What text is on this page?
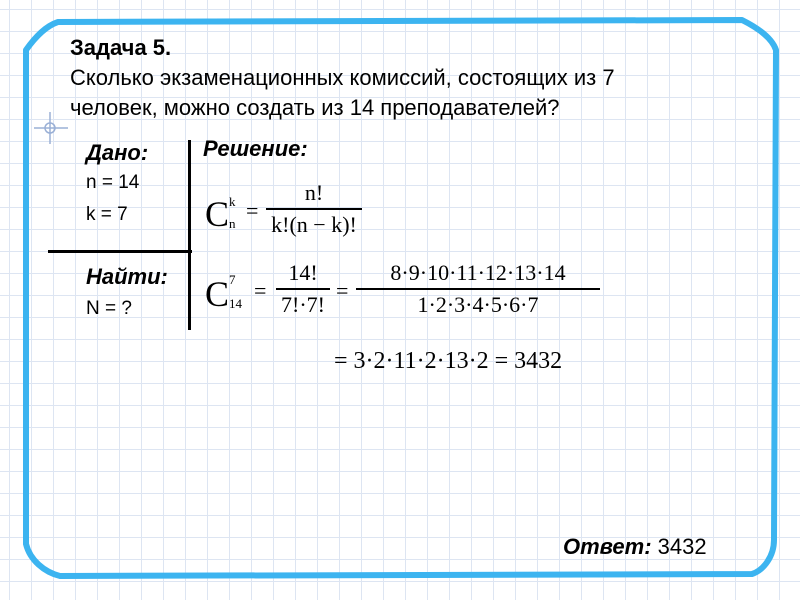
Задача 5.
Сколько экзаменационных комиссий, состоящих из 7
человек, можно создать из 14 преподавателей?
Дано:
n = 14
k = 7
Найти:
N = ?
Решение:
C k
n
=
n!
k!(n − k)!
C 7
14
=
14!
7!·7!
=
8·9·10·11·12·13·14
1·2·3·4·5·6·7
= 3·2·11·2·13·2 = 3432
Ответ: 3432
